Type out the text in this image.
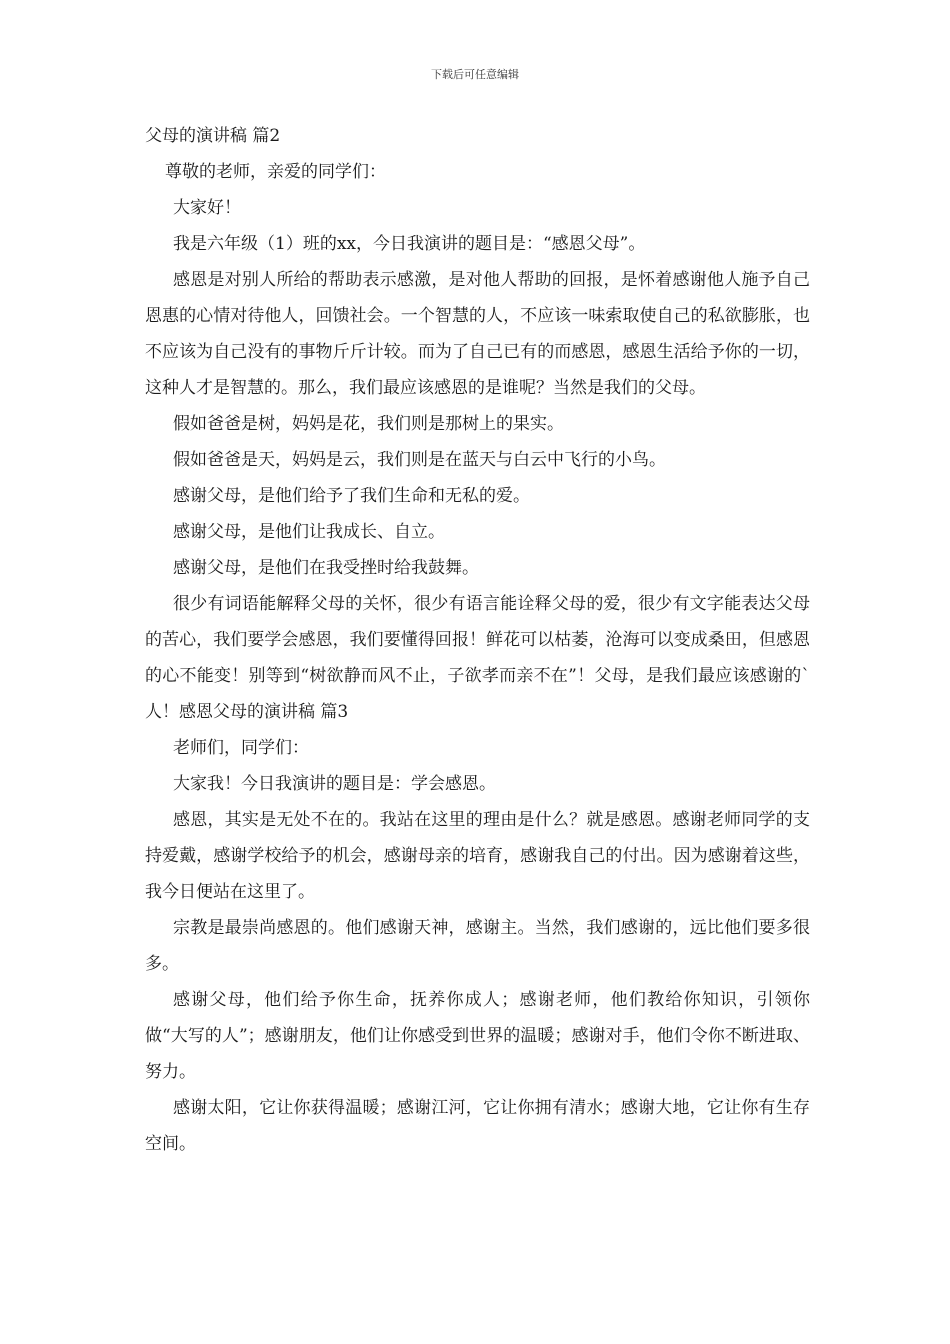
下载后可任意编辑
父母的演讲稿 篇2

尊敬的老师，亲爱的同学们：

大家好！

我是六年级（1）班的xx，今日我演讲的题目是：“感恩父母”。

感恩是对别人所给的帮助表示感激，是对他人帮助的回报，是怀着感谢他人施予自己恩惠的心情对待他人，回馈社会。一个智慧的人，不应该一味索取使自己的私欲膨胀，也不应该为自己没有的事物斤斤计较。而为了自己已有的而感恩，感恩生活给予你的一切，这种人才是智慧的。那么，我们最应该感恩的是谁呢？当然是我们的父母。

假如爸爸是树，妈妈是花，我们则是那树上的果实。

假如爸爸是天，妈妈是云，我们则是在蓝天与白云中飞行的小鸟。

感谢父母，是他们给予了我们生命和无私的爱。

感谢父母，是他们让我成长、自立。

感谢父母，是他们在我受挫时给我鼓舞。

很少有词语能解释父母的关怀，很少有语言能诠释父母的爱，很少有文字能表达父母的苦心，我们要学会感恩，我们要懂得回报！鲜花可以枯萎，沧海可以变成桑田，但感恩的心不能变！别等到“树欲静而风不止，子欲孝而亲不在”！父母，是我们最应该感谢的`人！感恩父母的演讲稿 篇3

老师们，同学们：

大家我！今日我演讲的题目是：学会感恩。

感恩，其实是无处不在的。我站在这里的理由是什么？就是感恩。感谢老师同学的支持爱戴，感谢学校给予的机会，感谢母亲的培育，感谢我自己的付出。因为感谢着这些，我今日便站在这里了。

宗教是最崇尚感恩的。他们感谢天神，感谢主。当然，我们感谢的，远比他们要多很多。

感谢父母，他们给予你生命，抚养你成人；感谢老师，他们教给你知识，引领你做“大写的人”；感谢朋友，他们让你感受到世界的温暖；感谢对手，他们令你不断进取、努力。

感谢太阳，它让你获得温暖；感谢江河，它让你拥有清水；感谢大地，它让你有生存空间。
